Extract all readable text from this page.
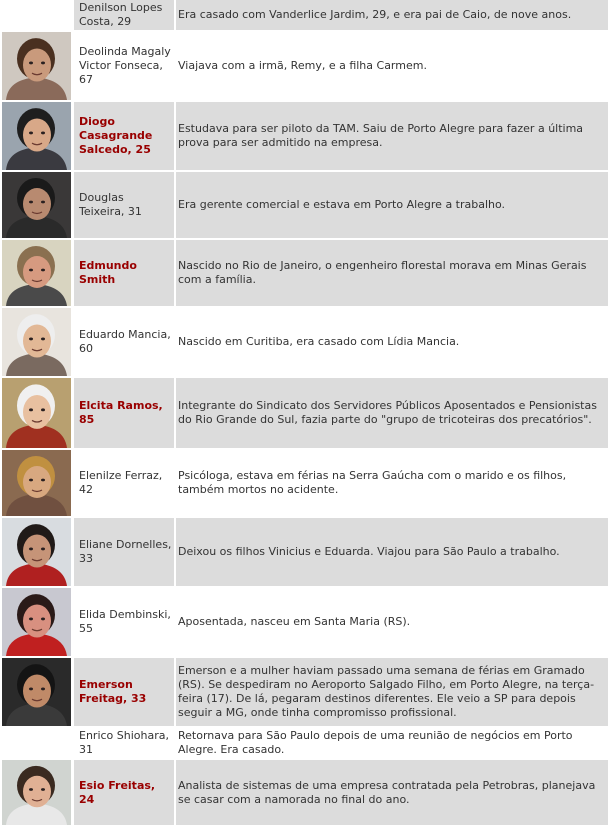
Denilson Lopes Costa, 29
Era casado com Vanderlice Jardim, 29, e era pai de Caio, de nove anos.
Deolinda Magaly Victor Fonseca, 67
Viajava com a irmã, Remy, e a filha Carmem.
Diogo Casagrande Salcedo, 25
Estudava para ser piloto da TAM. Saiu de Porto Alegre para fazer a última prova para ser admitido na empresa.
Douglas Teixeira, 31
Era gerente comercial e estava em Porto Alegre a trabalho.
Edmundo Smith
Nascido no Rio de Janeiro, o engenheiro florestal morava em Minas Gerais com a família.
Eduardo Mancia, 60
Nascido em Curitiba, era casado com Lídia Mancia.
Elcita Ramos, 85
Integrante do Sindicato dos Servidores Públicos Aposentados e Pensionistas do Rio Grande do Sul, fazia parte do "grupo de tricoteiras dos precatórios".
Elenilze Ferraz, 42
Psicóloga, estava em férias na Serra Gaúcha com o marido e os filhos, também mortos no acidente.
Eliane Dornelles, 33
Deixou os filhos Vinicius e Eduarda. Viajou para São Paulo a trabalho.
Elida Dembinski, 55
Aposentada, nasceu em Santa Maria (RS).
Emerson Freitag, 33
Emerson e a mulher haviam passado uma semana de férias em Gramado (RS). Se despediram no Aeroporto Salgado Filho, em Porto Alegre, na terça-feira (17). De lá, pegaram destinos diferentes. Ele veio a SP para depois seguir a MG, onde tinha compromisso profissional.
Enrico Shiohara, 31
Retornava para São Paulo depois de uma reunião de negócios em Porto Alegre. Era casado.
Esio Freitas, 24
Analista de sistemas de uma empresa contratada pela Petrobras, planejava se casar com a namorada no final do ano.
